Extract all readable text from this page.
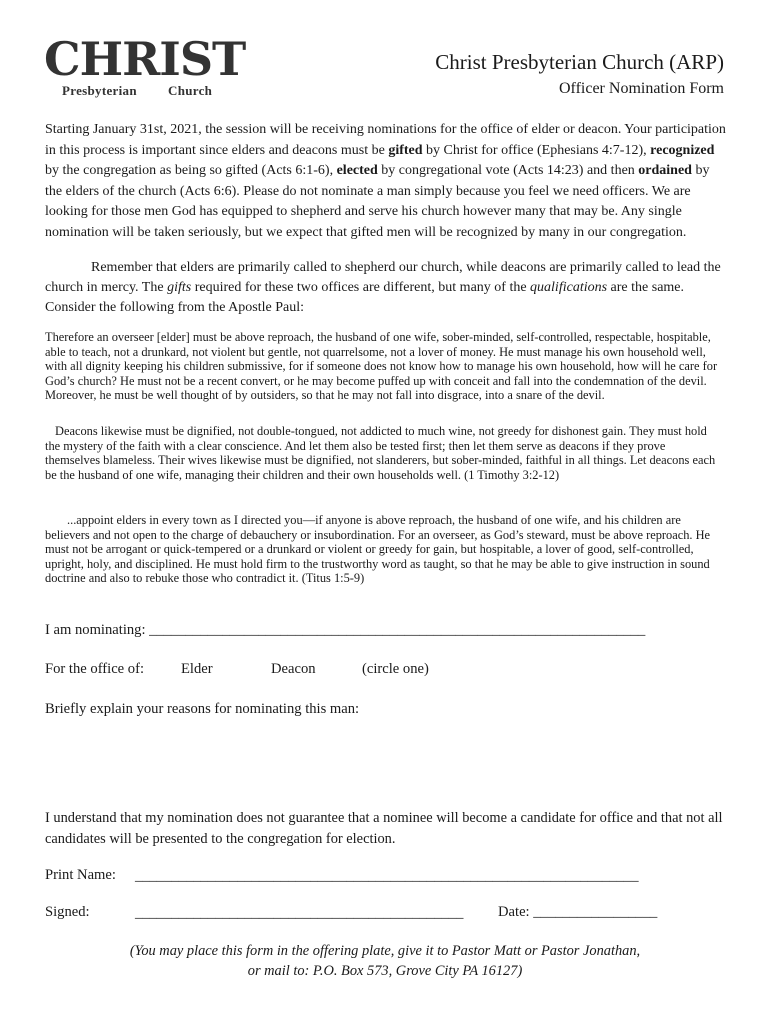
CHRIST
Presbyterian Church
Christ Presbyterian Church (ARP)
Officer Nomination Form

Starting January 31st, 2021, the session will be receiving nominations for the office of elder or deacon. Your participation in this process is important since elders and deacons must be gifted by Christ for office (Ephesians 4:7-12), recognized by the congregation as being so gifted (Acts 6:1-6), elected by congregational vote (Acts 14:23) and then ordained by the elders of the church (Acts 6:6). Please do not nominate a man simply because you feel we need officers. We are looking for those men God has equipped to shepherd and serve his church however many that may be. Any single nomination will be taken seriously, but we expect that gifted men will be recognized by many in our congregation.

Remember that elders are primarily called to shepherd our church, while deacons are primarily called to lead the church in mercy. The gifts required for these two offices are different, but many of the qualifications are the same. Consider the following from the Apostle Paul:

Therefore an overseer [elder] must be above reproach, the husband of one wife, sober-minded, self-controlled, respectable, hospitable, able to teach, not a drunkard, not violent but gentle, not quarrelsome, not a lover of money. He must manage his own household well, with all dignity keeping his children submissive, for if someone does not know how to manage his own household, how will he care for God’s church? He must not be a recent convert, or he may become puffed up with conceit and fall into the condemnation of the devil. Moreover, he must be well thought of by outsiders, so that he may not fall into disgrace, into a snare of the devil.

Deacons likewise must be dignified, not double-tongued, not addicted to much wine, not greedy for dishonest gain. They must hold the mystery of the faith with a clear conscience. And let them also be tested first; then let them serve as deacons if they prove themselves blameless. Their wives likewise must be dignified, not slanderers, but sober-minded, faithful in all things. Let deacons each be the husband of one wife, managing their children and their own households well. (1 Timothy 3:2-12)

...appoint elders in every town as I directed you—if anyone is above reproach, the husband of one wife, and his children are believers and not open to the charge of debauchery or insubordination. For an overseer, as God’s steward, must be above reproach. He must not be arrogant or quick-tempered or a drunkard or violent or greedy for gain, but hospitable, a lover of good, self-controlled, upright, holy, and disciplined. He must hold firm to the trustworthy word as taught, so that he may be able to give instruction in sound doctrine and also to rebuke those who contradict it. (Titus 1:5-9)

I am nominating: ____________________________________________________________________
For the office of:	Elder	Deacon	(circle one)
Briefly explain your reasons for nominating this man:

I understand that my nomination does not guarantee that a nominee will become a candidate for office and that not all candidates will be presented to the congregation for election.

Print Name: _____________________________________________________________________
Signed:	_____________________________________________ Date: _________________

(You may place this form in the offering plate, give it to Pastor Matt or Pastor Jonathan,
or mail to: P.O. Box 573, Grove City PA 16127)
